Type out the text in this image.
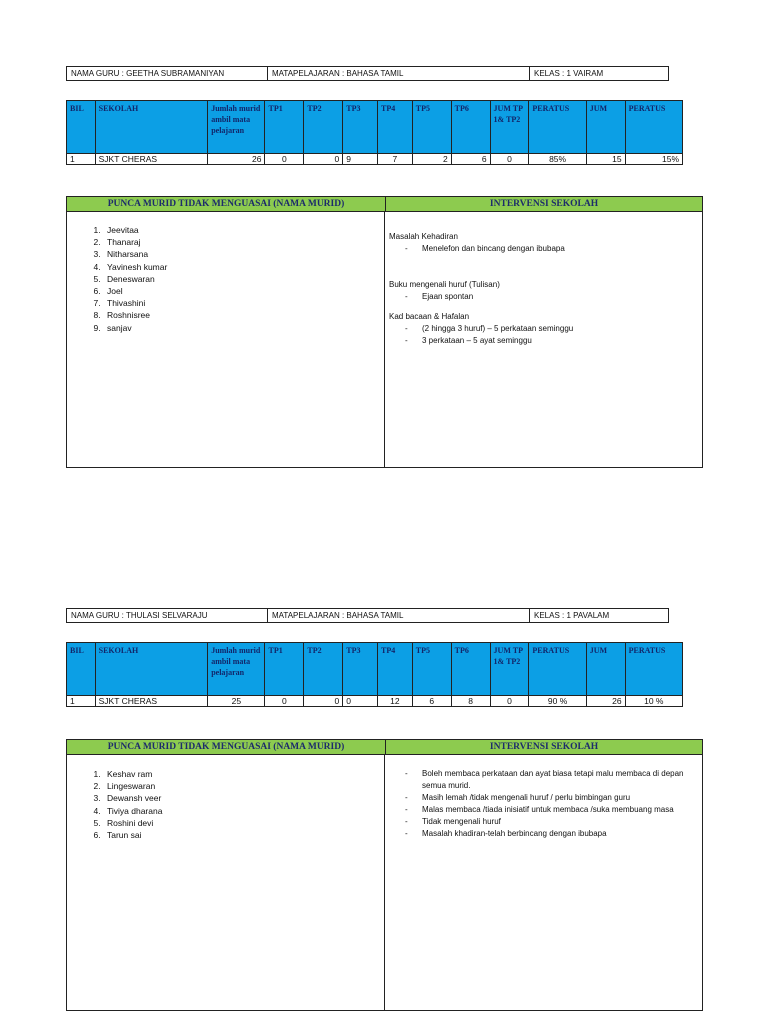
NAMA GURU : GEETHA SUBRAMANIYAN	MATAPELAJARAN : BAHASA TAMIL	KELAS : 1 VAIRAM
BIL	SEKOLAH	Jumlah murid ambil mata pelajaran	TP1	TP2	TP3	TP4	TP5	TP6	JUM TP 1& TP2	PERATUS	JUM	PERATUS
1	SJKT CHERAS	26	0	0	9	7	2	6	0	85%	15	15%
PUNCA MURID TIDAK MENGUASAI (NAMA MURID)	INTERVENSI SEKOLAH
1. Jeevitaa
2. Thanaraj
3. Nitharsana
4. Yavinesh kumar
5. Deneswaran
6. Joel
7. Thivashini
8. Roshnisree
9. sanjav
Masalah Kehadiran
-	Menelefon dan bincang dengan ibubapa
Buku mengenali huruf (Tulisan)
-	Ejaan spontan
Kad bacaan & Hafalan
-	(2 hingga 3 huruf) – 5 perkataan seminggu
-	3 perkataan – 5 ayat seminggu
NAMA GURU : THULASI SELVARAJU	MATAPELAJARAN : BAHASA TAMIL	KELAS : 1 PAVALAM
BIL	SEKOLAH	Jumlah murid ambil mata pelajaran	TP1	TP2	TP3	TP4	TP5	TP6	JUM TP 1& TP2	PERATUS	JUM	PERATUS
1	SJKT CHERAS	25	0	0	0	12	6	8	0	90 %	26	10 %
PUNCA MURID TIDAK MENGUASAI (NAMA MURID)	INTERVENSI SEKOLAH
1. Keshav ram
2. Lingeswaran
3. Dewansh veer
4. Tiviya dharana
5. Roshini devi
6. Tarun sai
-	Boleh membaca perkataan dan ayat biasa tetapi malu membaca di depan semua murid.
-	Masih lemah /tidak mengenali huruf / perlu bimbingan guru
-	Malas membaca /tiada inisiatif untuk membaca /suka membuang masa
-	Tidak mengenali huruf
-	Masalah khadiran-telah berbincang dengan ibubapa
